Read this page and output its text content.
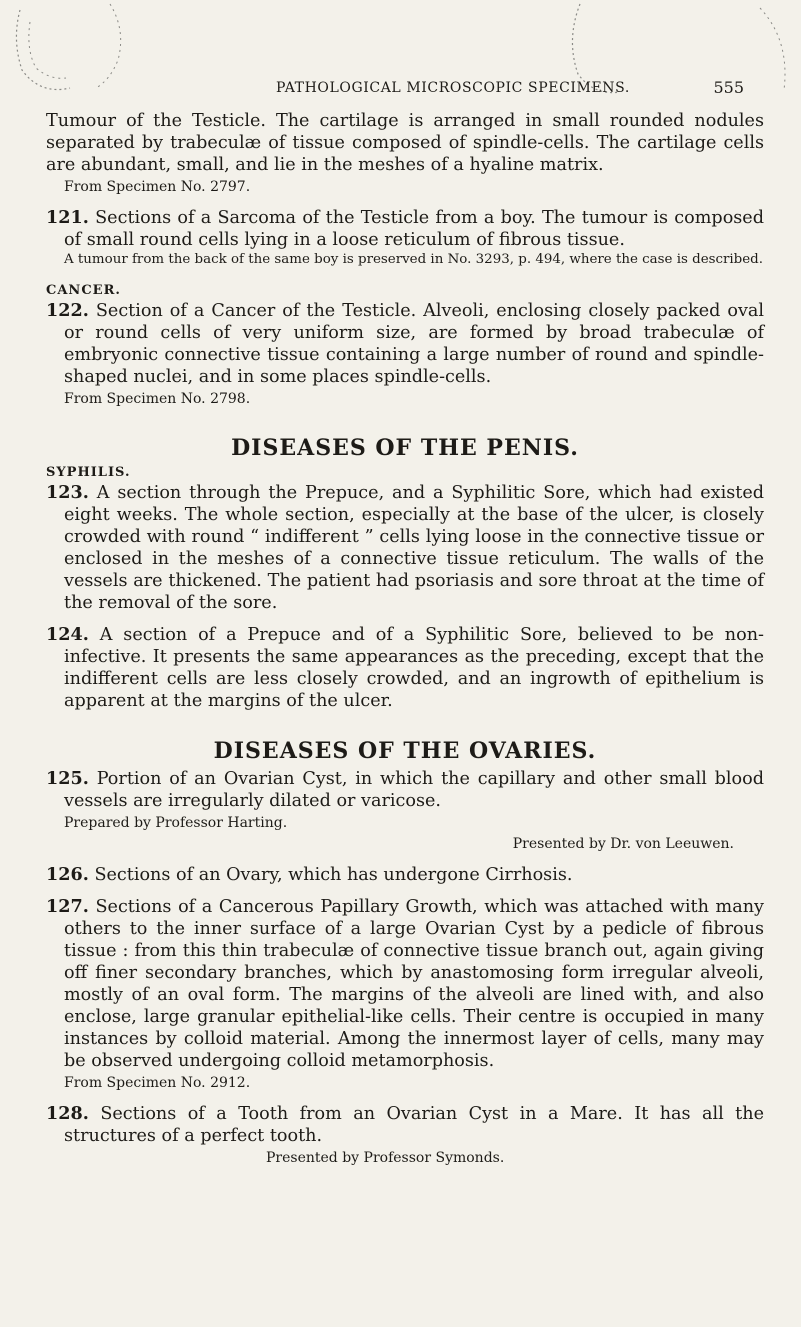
PATHOLOGICAL MICROSCOPIC SPECIMENS.	555

Tumour of the Testicle. The cartilage is arranged in small rounded nodules separated by trabeculæ of tissue composed of spindle-cells. The cartilage cells are abundant, small, and lie in the meshes of a hyaline matrix.

From Specimen No. 2797.

121. Sections of a Sarcoma of the Testicle from a boy. The tumour is composed of small round cells lying in a loose reticulum of fibrous tissue.

A tumour from the back of the same boy is preserved in No. 3293, p. 494, where the case is described.

CANCER.

122. Section of a Cancer of the Testicle. Alveoli, enclosing closely packed oval or round cells of very uniform size, are formed by broad trabeculæ of embryonic connective tissue containing a large number of round and spindle-shaped nuclei, and in some places spindle-cells.

From Specimen No. 2798.

DISEASES OF THE PENIS.

SYPHILIS.

123. A section through the Prepuce, and a Syphilitic Sore, which had existed eight weeks. The whole section, especially at the base of the ulcer, is closely crowded with round “ indifferent ” cells lying loose in the connective tissue or enclosed in the meshes of a connective tissue reticulum. The walls of the vessels are thickened. The patient had psoriasis and sore throat at the time of the removal of the sore.

124. A section of a Prepuce and of a Syphilitic Sore, believed to be non-infective. It presents the same appearances as the preceding, except that the indifferent cells are less closely crowded, and an ingrowth of epithelium is apparent at the margins of the ulcer.

DISEASES OF THE OVARIES.

125. Portion of an Ovarian Cyst, in which the capillary and other small blood vessels are irregularly dilated or varicose.

Prepared by Professor Harting.

Presented by Dr. von Leeuwen.

126. Sections of an Ovary, which has undergone Cirrhosis.

127. Sections of a Cancerous Papillary Growth, which was attached with many others to the inner surface of a large Ovarian Cyst by a pedicle of fibrous tissue : from this thin trabeculæ of connective tissue branch out, again giving off finer secondary branches, which by anastomosing form irregular alveoli, mostly of an oval form. The margins of the alveoli are lined with, and also enclose, large granular epithelial-like cells. Their centre is occupied in many instances by colloid material. Among the innermost layer of cells, many may be observed undergoing colloid metamorphosis.

From Specimen No. 2912.

128. Sections of a Tooth from an Ovarian Cyst in a Mare. It has all the structures of a perfect tooth.

Presented by Professor Symonds.
